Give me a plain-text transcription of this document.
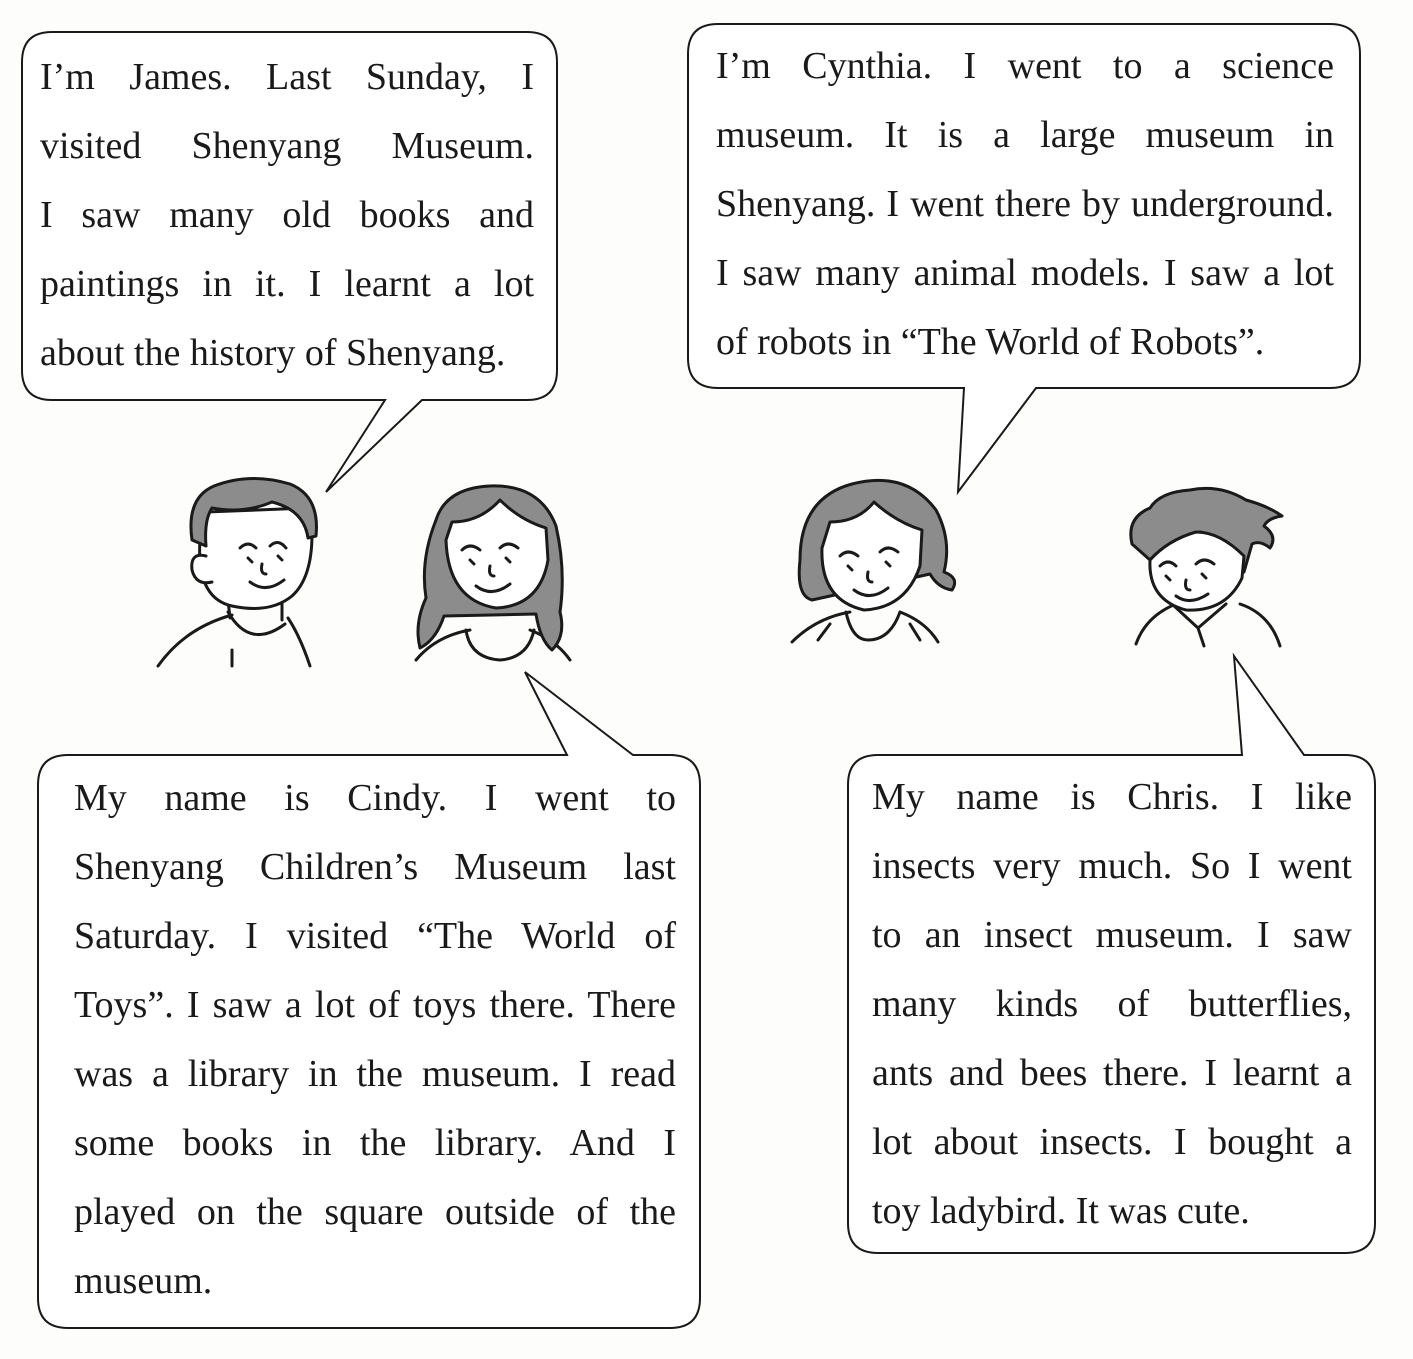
I’m James. Last Sunday, I
visited Shenyang Museum.
I saw many old books and
paintings in it. I learnt a lot
about the history of Shenyang.

I’m Cynthia. I went to a science
museum. It is a large museum in
Shenyang. I went there by underground.
I saw many animal models. I saw a lot
of robots in “The World of Robots”.

My name is Cindy. I went to
Shenyang Children’s Museum last
Saturday. I visited “The World of
Toys”. I saw a lot of toys there. There
was a library in the museum. I read
some books in the library. And I
played on the square outside of the
museum.

My name is Chris. I like
insects very much. So I went
to an insect museum. I saw
many kinds of butterflies,
ants and bees there. I learnt a
lot about insects. I bought a
toy ladybird. It was cute.
